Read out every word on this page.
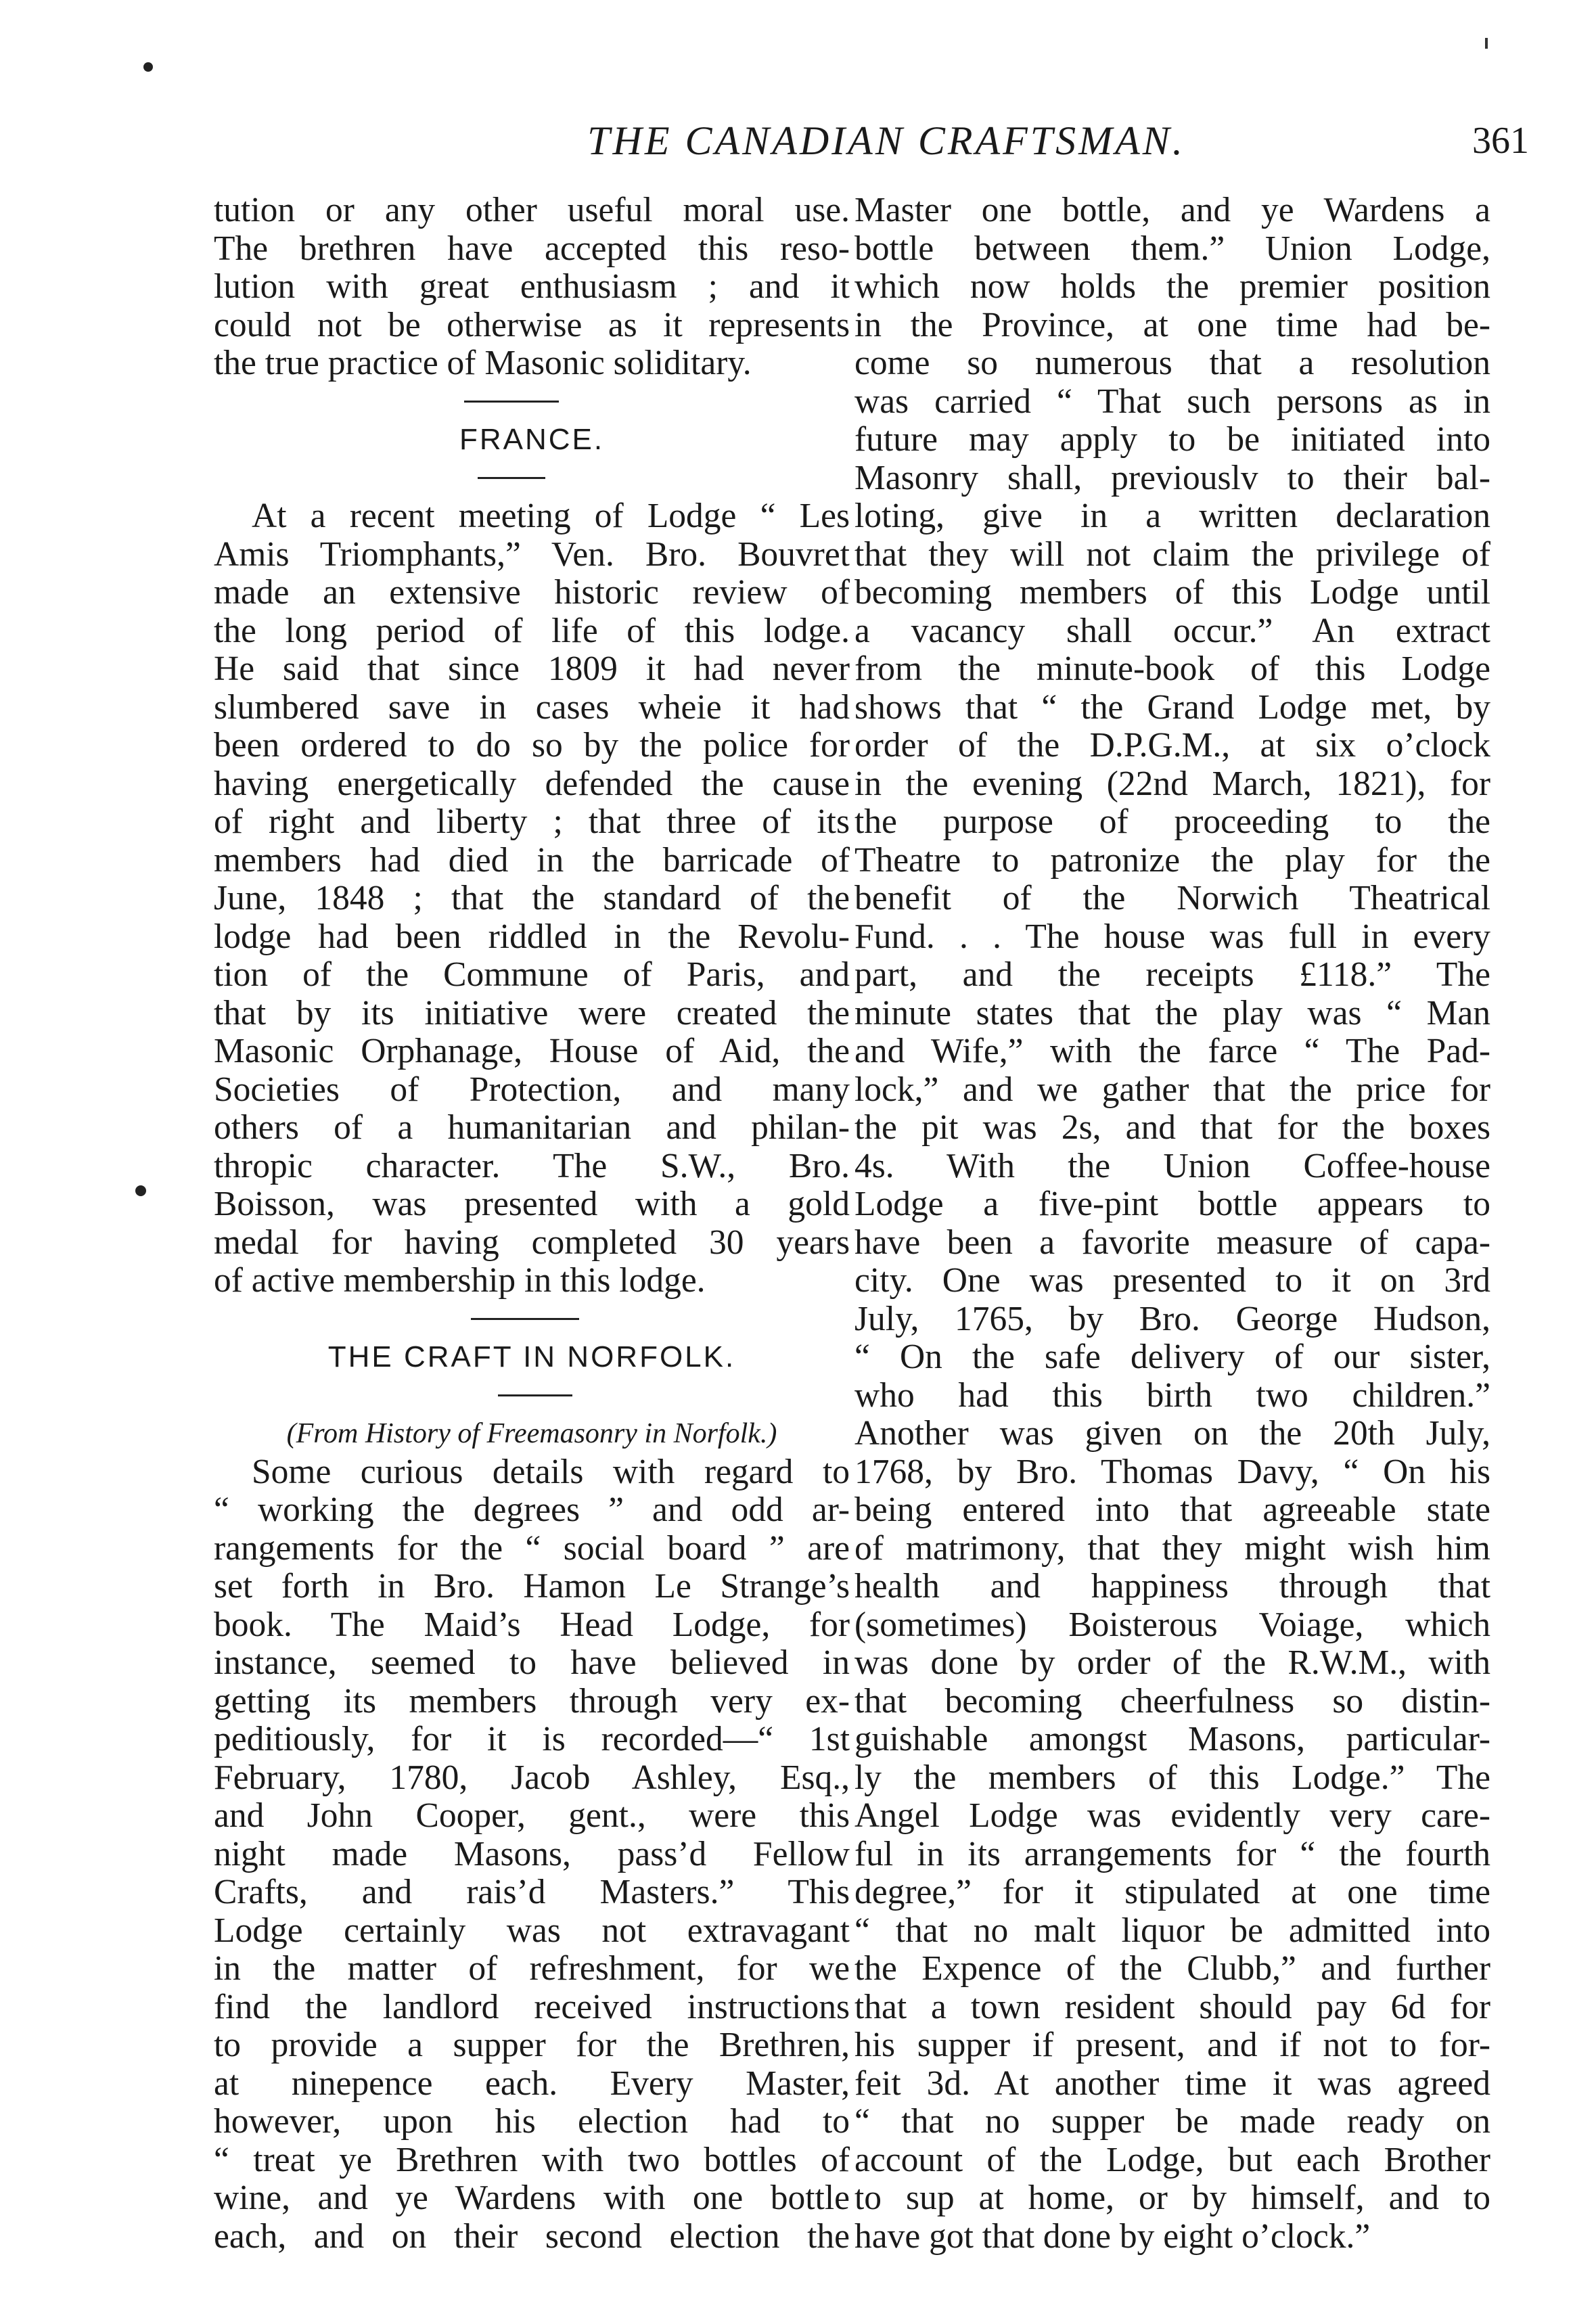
THE CANADIAN CRAFTSMAN.	361
tution or any other useful moral use.
The brethren have accepted this reso-
lution with great enthusiasm ; and it
could not be otherwise as it represents
the true practice of Masonic soliditary.
FRANCE.
At a recent meeting of Lodge “ Les
Amis Triomphants,” Ven. Bro. Bouvret
made an extensive historic review of
the long period of life of this lodge.
He said that since 1809 it had never
slumbered save in cases wheie it had
been ordered to do so by the police for
having energetically defended the cause
of right and liberty ; that three of its
members had died in the barricade of
June, 1848 ; that the standard of the
lodge had been riddled in the Revolu-
tion of the Commune of Paris, and
that by its initiative were created the
Masonic Orphanage, House of Aid, the
Societies of Protection, and many
others of a humanitarian and philan-
thropic character. The S.W., Bro.
Boisson, was presented with a gold
medal for having completed 30 years
of active membership in this lodge.
THE CRAFT IN NORFOLK.
(From History of Freemasonry in Norfolk.)
Some curious details with regard to
“ working the degrees ” and odd ar-
rangements for the “ social board ” are
set forth in Bro. Hamon Le Strange’s
book. The Maid’s Head Lodge, for
instance, seemed to have believed in
getting its members through very ex-
peditiously, for it is recorded—“ 1st
February, 1780, Jacob Ashley, Esq.,
and John Cooper, gent., were this
night made Masons, pass’d Fellow
Crafts, and rais’d Masters.” This
Lodge certainly was not extravagant
in the matter of refreshment, for we
find the landlord received instructions
to provide a supper for the Brethren,
at ninepence each. Every Master,
however, upon his election had to
“ treat ye Brethren with two bottles of
wine, and ye Wardens with one bottle
each, and on their second election the
Master one bottle, and ye Wardens a
bottle between them.” Union Lodge,
which now holds the premier position
in the Province, at one time had be-
come so numerous that a resolution
was carried “ That such persons as in
future may apply to be initiated into
Masonry shall, previouslv to their bal-
loting, give in a written declaration
that they will not claim the privilege of
becoming members of this Lodge until
a vacancy shall occur.” An extract
from the minute-book of this Lodge
shows that “ the Grand Lodge met, by
order of the D.P.G.M., at six o’clock
in the evening (22nd March, 1821), for
the purpose of proceeding to the
Theatre to patronize the play for the
benefit of the Norwich Theatrical
Fund. . . The house was full in every
part, and the receipts £118.” The
minute states that the play was “ Man
and Wife,” with the farce “ The Pad-
lock,” and we gather that the price for
the pit was 2s, and that for the boxes
4s. With the Union Coffee-house
Lodge a five-pint bottle appears to
have been a favorite measure of capa-
city. One was presented to it on 3rd
July, 1765, by Bro. George Hudson,
“ On the safe delivery of our sister,
who had this birth two children.”
Another was given on the 20th July,
1768, by Bro. Thomas Davy, “ On his
being entered into that agreeable state
of matrimony, that they might wish him
health and happiness through that
(sometimes) Boisterous Voiage, which
was done by order of the R.W.M., with
that becoming cheerfulness so distin-
guishable amongst Masons, particular-
ly the members of this Lodge.” The
Angel Lodge was evidently very care-
ful in its arrangements for “ the fourth
degree,” for it stipulated at one time
“ that no malt liquor be admitted into
the Expence of the Clubb,” and further
that a town resident should pay 6d for
his supper if present, and if not to for-
feit 3d. At another time it was agreed
“ that no supper be made ready on
account of the Lodge, but each Brother
to sup at home, or by himself, and to
have got that done by eight o’clock.”
